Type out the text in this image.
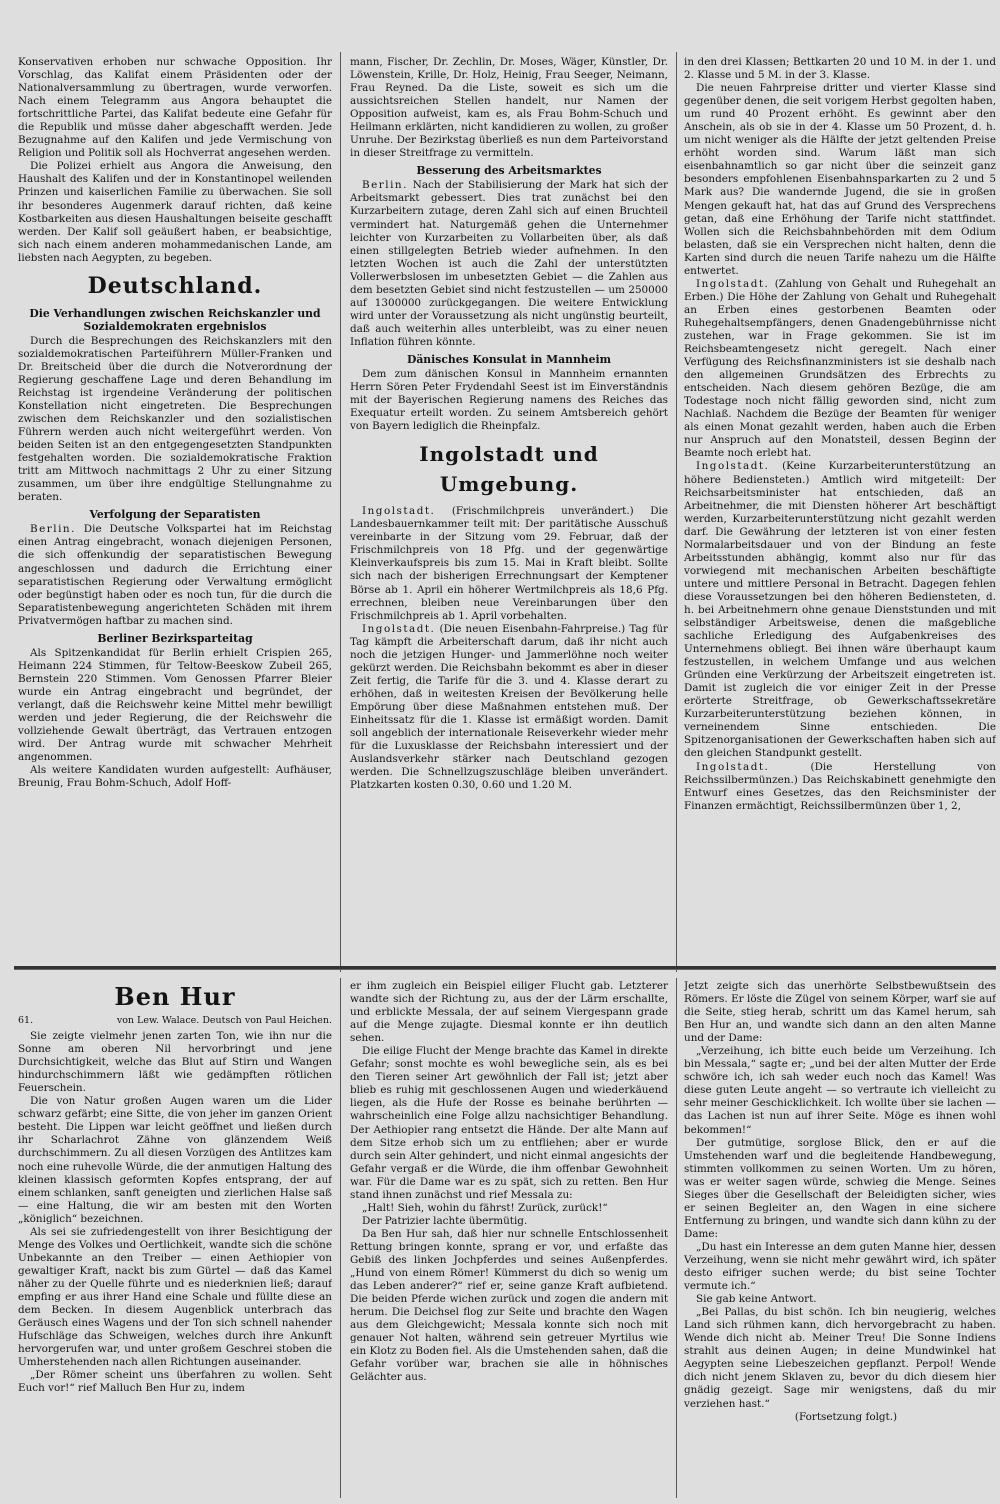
Konservativen erhoben nur schwache Opposition. Ihr Vorschlag, das Kalifat einem Präsidenten oder der Nationalversammlung zu übertragen, wurde verworfen. Nach einem Telegramm aus Angora behauptet die fortschrittliche Partei, das Kalifat bedeute eine Gefahr für die Republik und müsse daher abgeschafft werden. Jede Bezugnahme auf den Kalifen und jede Vermischung von Religion und Politik soll als Hochverrat angesehen werden.

Die Polizei erhielt aus Angora die Anweisung, den Haushalt des Kalifen und der in Konstantinopel weilenden Prinzen und kaiserlichen Familie zu überwachen. Sie soll ihr besonderes Augenmerk darauf richten, daß keine Kostbarkeiten aus diesen Haushaltungen beiseite geschafft werden. Der Kalif soll geäußert haben, er beabsichtige, sich nach einem anderen mohammedanischen Lande, am liebsten nach Aegypten, zu begeben.

Deutschland.
Die Verhandlungen zwischen Reichskanzler und Sozialdemokraten ergebnislos

Durch die Besprechungen des Reichskanzlers mit den sozialdemokratischen Parteiführern Müller-Franken und Dr. Breitscheid über die durch die Notverordnung der Regierung geschaffene Lage und deren Behandlung im Reichstag ist irgendeine Veränderung der politischen Konstellation nicht eingetreten. Die Besprechungen zwischen dem Reichskanzler und den sozialistischen Führern werden auch nicht weitergeführt werden. Von beiden Seiten ist an den entgegengesetzten Standpunkten festgehalten worden. Die sozialdemokratische Fraktion tritt am Mittwoch nachmittags 2 Uhr zu einer Sitzung zusammen, um über ihre endgültige Stellungnahme zu beraten.

Verfolgung der Separatisten

Berlin. Die Deutsche Volkspartei hat im Reichstag einen Antrag eingebracht, wonach diejenigen Personen, die sich offenkundig der separatistischen Bewegung angeschlossen und dadurch die Errichtung einer separatistischen Regierung oder Verwaltung ermöglicht oder begünstigt haben oder es noch tun, für die durch die Separatistenbewegung angerichteten Schäden mit ihrem Privatvermögen haftbar zu machen sind.

Berliner Bezirksparteitag

Als Spitzenkandidat für Berlin erhielt Crispien 265, Heimann 224 Stimmen, für Teltow-Beeskow Zubeil 265, Bernstein 220 Stimmen. Vom Genossen Pfarrer Bleier wurde ein Antrag eingebracht und begründet, der verlangt, daß die Reichswehr keine Mittel mehr bewilligt werden und jeder Regierung, die der Reichswehr die vollziehende Gewalt überträgt, das Vertrauen entzogen wird. Der Antrag wurde mit schwacher Mehrheit angenommen.

Als weitere Kandidaten wurden aufgestellt: Aufhäuser, Breunig, Frau Bohm-Schuch, Adolf Hoff-

mann, Fischer, Dr. Zechlin, Dr. Moses, Wäger, Künstler, Dr. Löwenstein, Krille, Dr. Holz, Heinig, Frau Seeger, Neimann, Frau Reyned. Da die Liste, soweit es sich um die aussichtsreichen Stellen handelt, nur Namen der Opposition aufweist, kam es, als Frau Bohm-Schuch und Heilmann erklärten, nicht kandidieren zu wollen, zu großer Unruhe. Der Bezirkstag überließ es nun dem Parteivorstand in dieser Streitfrage zu vermitteln.

Besserung des Arbeitsmarktes

Berlin. Nach der Stabilisierung der Mark hat sich der Arbeitsmarkt gebessert. Dies trat zunächst bei den Kurzarbeitern zutage, deren Zahl sich auf einen Bruchteil vermindert hat. Naturgemäß gehen die Unternehmer leichter von Kurzarbeiten zu Vollarbeiten über, als daß einen stillgelegten Betrieb wieder aufnehmen. In den letzten Wochen ist auch die Zahl der unterstützten Vollerwerbslosen im unbesetzten Gebiet — die Zahlen aus dem besetzten Gebiet sind nicht festzustellen — um 250000 auf 1300000 zurückgegangen. Die weitere Entwicklung wird unter der Voraussetzung als nicht ungünstig beurteilt, daß auch weiterhin alles unterbleibt, was zu einer neuen Inflation führen könnte.

Dänisches Konsulat in Mannheim

Dem zum dänischen Konsul in Mannheim ernannten Herrn Sören Peter Frydendahl Seest ist im Einverständnis mit der Bayerischen Regierung namens des Reiches das Exequatur erteilt worden. Zu seinem Amtsbereich gehört von Bayern lediglich die Rheinpfalz.

Ingolstadt und Umgebung.

Ingolstadt. (Frischmilchpreis unverändert.) Die Landesbauernkammer teilt mit: Der paritätische Ausschuß vereinbarte in der Sitzung vom 29. Februar, daß der Frischmilchpreis von 18 Pfg. und der gegenwärtige Kleinverkaufspreis bis zum 15. Mai in Kraft bleibt. Sollte sich nach der bisherigen Errechnungsart der Kemptener Börse ab 1. April ein höherer Wertmilchpreis als 18,6 Pfg. errechnen, bleiben neue Vereinbarungen über den Frischmilchpreis ab 1. April vorbehalten.

Ingolstadt. (Die neuen Eisenbahn-Fahrpreise.) Tag für Tag kämpft die Arbeiterschaft darum, daß ihr nicht auch noch die jetzigen Hunger- und Jammerlöhne noch weiter gekürzt werden. Die Reichsbahn bekommt es aber in dieser Zeit fertig, die Tarife für die 3. und 4. Klasse derart zu erhöhen, daß in weitesten Kreisen der Bevölkerung helle Empörung über diese Maßnahmen entstehen muß. Der Einheitssatz für die 1. Klasse ist ermäßigt worden. Damit soll angeblich der internationale Reiseverkehr wieder mehr für die Luxusklasse der Reichsbahn interessiert und der Auslandsverkehr stärker nach Deutschland gezogen werden. Die Schnellzugszuschläge bleiben unverändert. Platzkarten kosten 0.30, 0.60 und 1.20 M.

in den drei Klassen; Bettkarten 20 und 10 M. in der 1. und 2. Klasse und 5 M. in der 3. Klasse.

Die neuen Fahrpreise dritter und vierter Klasse sind gegenüber denen, die seit vorigem Herbst gegolten haben, um rund 40 Prozent erhöht. Es gewinnt aber den Anschein, als ob sie in der 4. Klasse um 50 Prozent, d. h. um nicht weniger als die Hälfte der jetzt geltenden Preise erhöht worden sind. Warum läßt man sich eisenbahnamtlich so gar nicht über die seinzeit ganz besonders empfohlenen Eisenbahnsparkarten zu 2 und 5 Mark aus? Die wandernde Jugend, die sie in großen Mengen gekauft hat, hat das auf Grund des Versprechens getan, daß eine Erhöhung der Tarife nicht stattfindet. Wollen sich die Reichsbahnbehörden mit dem Odium belasten, daß sie ein Versprechen nicht halten, denn die Karten sind durch die neuen Tarife nahezu um die Hälfte entwertet.

Ingolstadt. (Zahlung von Gehalt und Ruhegehalt an Erben.) Die Höhe der Zahlung von Gehalt und Ruhegehalt an Erben eines gestorbenen Beamten oder Ruhegehaltsempfängers, denen Gnadengebührnisse nicht zustehen, war in Frage gekommen. Sie ist im Reichsbeamtengesetz nicht geregelt. Nach einer Verfügung des Reichsfinanzministers ist sie deshalb nach den allgemeinen Grundsätzen des Erbrechts zu entscheiden. Nach diesem gehören Bezüge, die am Todestage noch nicht fällig geworden sind, nicht zum Nachlaß. Nachdem die Bezüge der Beamten für weniger als einen Monat gezahlt werden, haben auch die Erben nur Anspruch auf den Monatsteil, dessen Beginn der Beamte noch erlebt hat.

Ingolstadt. (Keine Kurzarbeiterunterstützung an höhere Bediensteten.) Amtlich wird mitgeteilt: Der Reichsarbeitsminister hat entschieden, daß an Arbeitnehmer, die mit Diensten höherer Art beschäftigt werden, Kurzarbeiterunterstützung nicht gezahlt werden darf. Die Gewährung der letzteren ist von einer festen Normalarbeitsdauer und von der Bindung an feste Arbeitsstunden abhängig, kommt also nur für das vorwiegend mit mechanischen Arbeiten beschäftigte untere und mittlere Personal in Betracht. Dagegen fehlen diese Voraussetzungen bei den höheren Bediensteten, d. h. bei Arbeitnehmern ohne genaue Dienststunden und mit selbständiger Arbeitsweise, denen die maßgebliche sachliche Erledigung des Aufgabenkreises des Unternehmens obliegt. Bei ihnen wäre überhaupt kaum festzustellen, in welchem Umfange und aus welchen Gründen eine Verkürzung der Arbeitszeit eingetreten ist. Damit ist zugleich die vor einiger Zeit in der Presse erörterte Streitfrage, ob Gewerkschaftssekretäre Kurzarbeiterunterstützung beziehen können, in verneinendem Sinne entschieden. Die Spitzenorganisationen der Gewerkschaften haben sich auf den gleichen Standpunkt gestellt.

Ingolstadt.	(Die Herstellung von Reichssilbermünzen.) Das Reichskabinett genehmigte den Entwurf eines Gesetzes, das den Reichsminister der Finanzen ermächtigt, Reichssilbermünzen über 1, 2,

Ben Hur
61.	von Lew. Walace. Deutsch von Paul Heichen.

Sie zeigte vielmehr jenen zarten Ton, wie ihn nur die Sonne am oberen Nil hervorbringt und jene Durchsichtigkeit, welche das Blut auf Stirn und Wangen hindurchschimmern läßt wie gedämpften rötlichen Feuerschein.

Die von Natur großen Augen waren um die Lider schwarz gefärbt; eine Sitte, die von jeher im ganzen Orient besteht. Die Lippen war leicht geöffnet und ließen durch ihr Scharlachrot Zähne von glänzendem Weiß durchschimmern. Zu all diesen Vorzügen des Antlitzes kam noch eine ruhevolle Würde, die der anmutigen Haltung des kleinen klassisch geformten Kopfes entsprang, der auf einem schlanken, sanft geneigten und zierlichen Halse saß — eine Haltung, die wir am besten mit den Worten „königlich“ bezeichnen.

Als sei sie zufriedengestellt von ihrer Besichtigung der Menge des Volkes und Oertlichkeit, wandte sich die schöne Unbekannte an den Treiber — einen Aethiopier von gewaltiger Kraft, nackt bis zum Gürtel — daß das Kamel näher zu der Quelle führte und es niederknien ließ; darauf empfing er aus ihrer Hand eine Schale und füllte diese an dem Becken. In diesem Augenblick unterbrach das Geräusch eines Wagens und der Ton sich schnell nahender Hufschläge das Schweigen, welches durch ihre Ankunft hervorgerufen war, und unter großem Geschrei stoben die Umherstehenden nach allen Richtungen auseinander.

„Der Römer scheint uns überfahren zu wollen. Seht Euch vor!“ rief Malluch Ben Hur zu, indem

er ihm zugleich ein Beispiel eiliger Flucht gab. Letzterer wandte sich der Richtung zu, aus der der Lärm erschallte, und erblickte Messala, der auf seinem Viergespann grade auf die Menge zujagte. Diesmal konnte er ihn deutlich sehen.

Die eilige Flucht der Menge brachte das Kamel in direkte Gefahr; sonst mochte es wohl bewegliche sein, als es bei den Tieren seiner Art gewöhnlich der Fall ist; jetzt aber blieb es ruhig mit geschlossenen Augen und wiederkäuend liegen, als die Hufe der Rosse es beinahe berührten — wahrscheinlich eine Folge allzu nachsichtiger Behandlung. Der Aethiopier rang entsetzt die Hände. Der alte Mann auf dem Sitze erhob sich um zu entfliehen; aber er wurde durch sein Alter gehindert, und nicht einmal angesichts der Gefahr vergaß er die Würde, die ihm offenbar Gewohnheit war. Für die Dame war es zu spät, sich zu retten. Ben Hur stand ihnen zunächst und rief Messala zu:

„Halt! Sieh, wohin du fährst! Zurück, zurück!“

Der Patrizier lachte übermütig.

Da Ben Hur sah, daß hier nur schnelle Entschlossenheit Rettung bringen konnte, sprang er vor, und erfaßte das Gebiß des linken Jochpferdes und seines Außenpferdes. „Hund von einem Römer! Kümmerst du dich so wenig um das Leben anderer?“ rief er, seine ganze Kraft aufbietend. Die beiden Pferde wichen zurück und zogen die andern mit herum. Die Deichsel flog zur Seite und brachte den Wagen aus dem Gleichgewicht; Messala konnte sich noch mit genauer Not halten, während sein getreuer Myrtilus wie ein Klotz zu Boden fiel. Als die Umstehenden sahen, daß die Gefahr vorüber war, brachen sie alle in höhnisches Gelächter aus.

Jetzt zeigte sich das unerhörte Selbstbewußtsein des Römers. Er löste die Zügel von seinem Körper, warf sie auf die Seite, stieg herab, schritt um das Kamel herum, sah Ben Hur an, und wandte sich dann an den alten Manne und der Dame:

„Verzeihung, ich bitte euch beide um Verzeihung. Ich bin Messala,“ sagte er; „und bei der alten Mutter der Erde schwöre ich, ich sah weder euch noch das Kamel! Was diese guten Leute angeht — so vertraute ich vielleicht zu sehr meiner Geschicklichkeit. Ich wollte über sie lachen — das Lachen ist nun auf ihrer Seite. Möge es ihnen wohl bekommen!“

Der gutmütige, sorglose Blick, den er auf die Umstehenden warf und die begleitende Handbewegung, stimmten vollkommen zu seinen Worten. Um zu hören, was er weiter sagen würde, schwieg die Menge. Seines Sieges über die Gesellschaft der Beleidigten sicher, wies er seinen Begleiter an, den Wagen in eine sichere Entfernung zu bringen, und wandte sich dann kühn zu der Dame:

„Du hast ein Interesse an dem guten Manne hier, dessen Verzeihung, wenn sie nicht mehr gewährt wird, ich später desto eifriger suchen werde; du bist seine Tochter vermute ich.“

Sie gab keine Antwort.

„Bei Pallas, du bist schön. Ich bin neugierig, welches Land sich rühmen kann, dich hervorgebracht zu haben. Wende dich nicht ab. Meiner Treu! Die Sonne Indiens strahlt aus deinen Augen; in deine Mundwinkel hat Aegypten seine Liebeszeichen gepflanzt. Perpol! Wende dich nicht jenem Sklaven zu, bevor du dich diesem hier gnädig gezeigt. Sage mir wenigstens, daß du mir verziehen hast.“

(Fortsetzung folgt.)
